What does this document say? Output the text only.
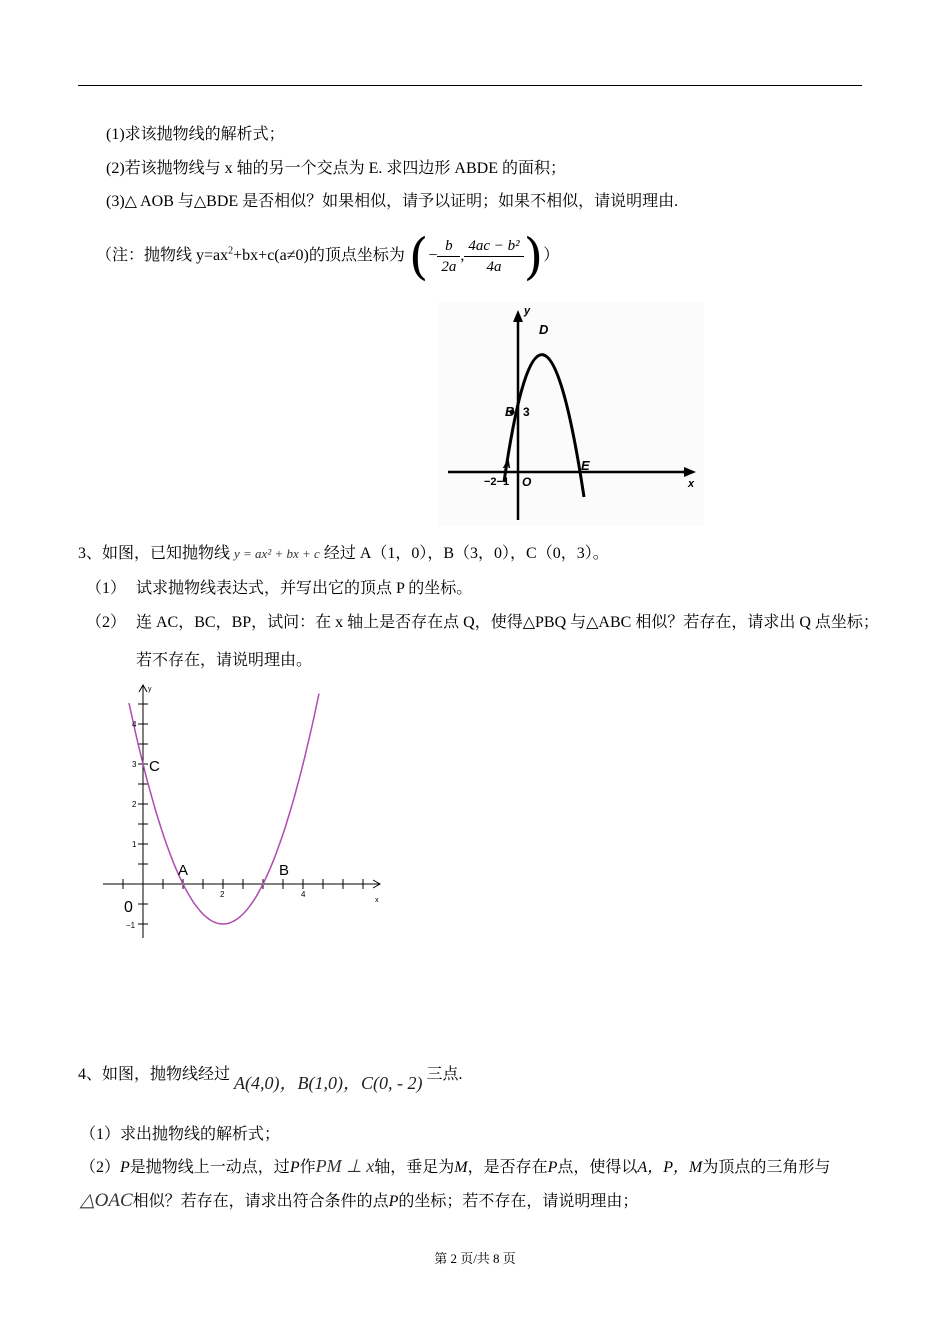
(1)求该抛物线的解析式；
(2)若该抛物线与 x 轴的另一个交点为 E. 求四边形 ABDE 的面积；
(3)△ AOB 与△BDE 是否相似？如果相似，请予以证明；如果不相似，请说明理由.
（注：抛物线 $y=ax^2+bx+c(a\ne 0)$的顶点坐标为 (− $\frac{b}{2a}$ , $\frac{\text{4ac − b²}}{4a}$ )）
y
x
D
B 3
A
−2−1 O
E
3、如图，已知抛物线 y = ax² + bx + c 经过 A（1，0），B（3，0），C（0，3）。
（1） 试求抛物线表达式，并写出它的顶点 P 的坐标。
（2） 连 AC，BC，BP，试问：在 x 轴上是否存在点 Q，使得△PBQ 与△ABC 相似？若存在，请求出 Q 点坐标；
若不存在，请说明理由。
y
x
4
3
2
1
−1
2	4
C
A	B
0
4、如图，抛物线经过 A(4,0)，B(1,0)，C(0, - 2) 三点.
（1）求出抛物线的解析式；
（2）P是抛物线上一动点，过P作PM ⊥ x轴，垂足为M，是否存在P点，使得以A，P，M为顶点的三角形与
△OAC相似？若存在，请求出符合条件的点P的坐标；若不存在，请说明理由；
第 2 页/共 8 页
